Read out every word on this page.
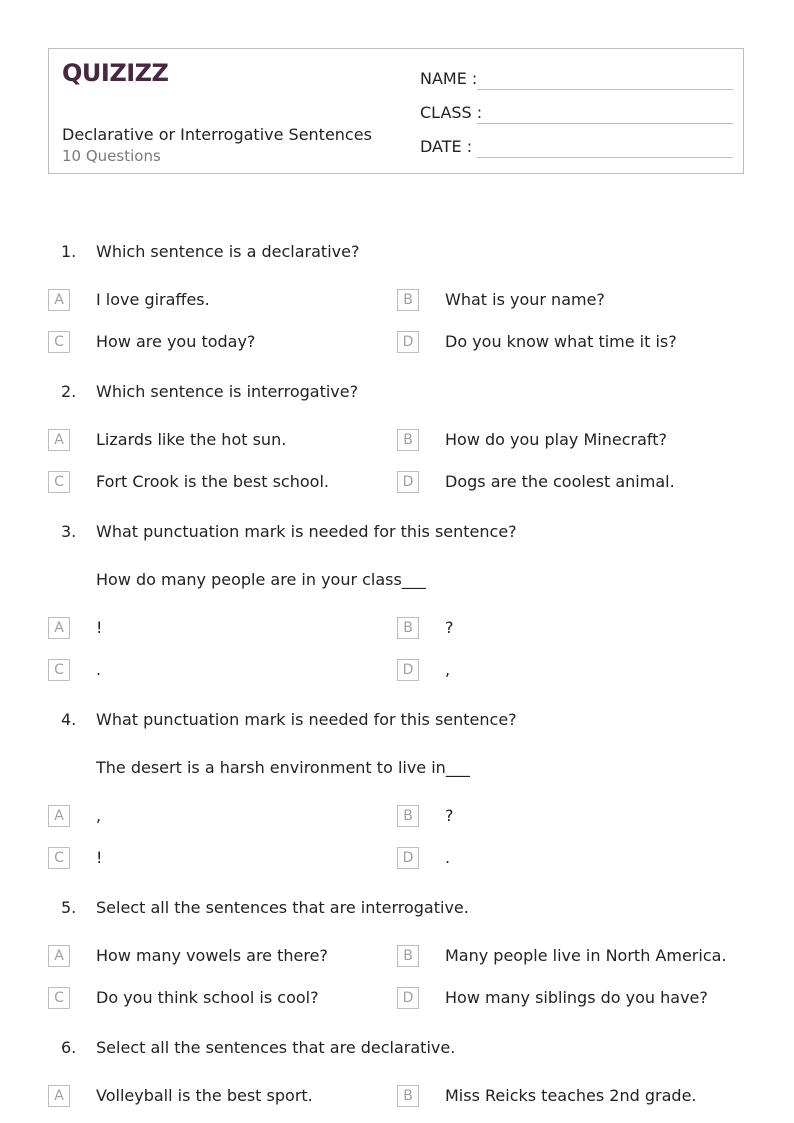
QUIZIZZ
Declarative or Interrogative Sentences
10 Questions
NAME :
CLASS :
DATE :
1. Which sentence is a declarative?
A	I love giraffes.	B	What is your name?
C	How are you today?	D	Do you know what time it is?
2. Which sentence is interrogative?
A	Lizards like the hot sun.	B	How do you play Minecraft?
C	Fort Crook is the best school.	D	Dogs are the coolest animal.
3. What punctuation mark is needed for this sentence?
How do many people are in your class___
A	!	B	?
C	.	D	,
4. What punctuation mark is needed for this sentence?
The desert is a harsh environment to live in___
A	,	B	?
C	!	D	.
5. Select all the sentences that are interrogative.
A	How many vowels are there?	B	Many people live in North America.
C	Do you think school is cool?	D	How many siblings do you have?
6. Select all the sentences that are declarative.
A	Volleyball is the best sport.	B	Miss Reicks teaches 2nd grade.
